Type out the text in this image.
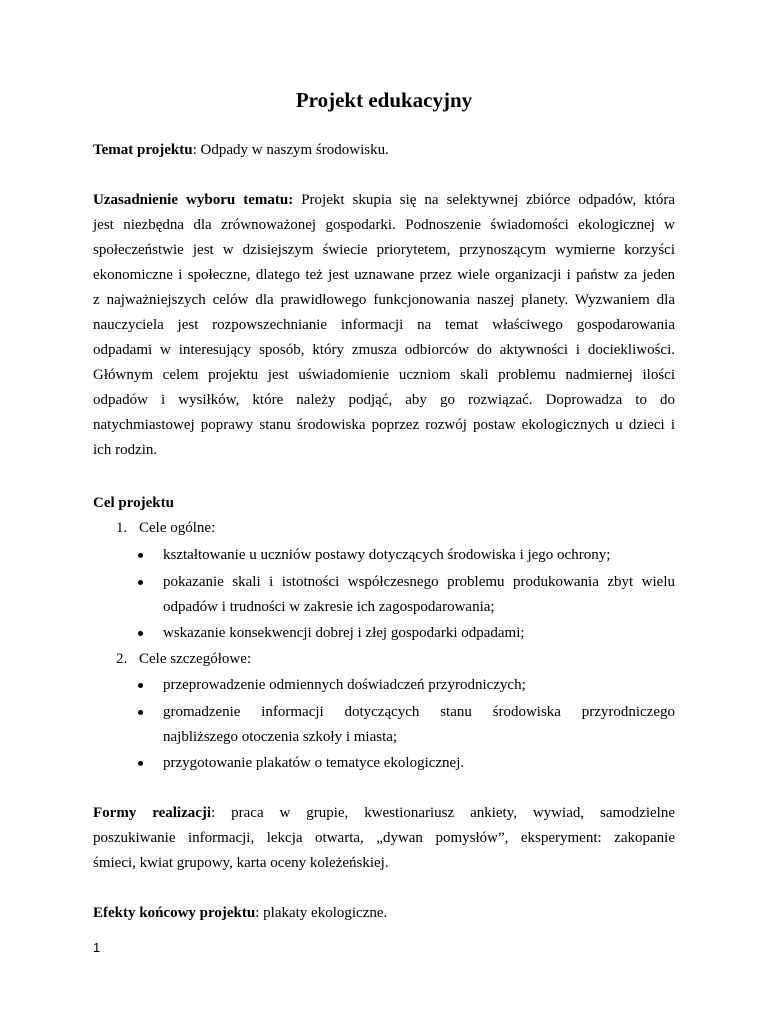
Projekt edukacyjny

Temat projektu: Odpady w naszym środowisku.

Uzasadnienie wyboru tematu: Projekt skupia się na selektywnej zbiórce odpadów, która
jest niezbędna dla zrównoważonej gospodarki. Podnoszenie świadomości ekologicznej w
społeczeństwie jest w dzisiejszym świecie priorytetem, przynoszącym wymierne korzyści
ekonomiczne i społeczne, dlatego też jest uznawane przez wiele organizacji i państw za jeden
z najważniejszych celów dla prawidłowego funkcjonowania naszej planety. Wyzwaniem dla
nauczyciela jest rozpowszechnianie informacji na temat właściwego gospodarowania
odpadami w interesujący sposób, który zmusza odbiorców do aktywności i dociekliwości.
Głównym celem projektu jest uświadomienie uczniom skali problemu nadmiernej ilości
odpadów i wysiłków, które należy podjąć, aby go rozwiązać. Doprowadza to do
natychmiastowej poprawy stanu środowiska poprzez rozwój postaw ekologicznych u dzieci i
ich rodzin.

Cel projektu

1. Cele ogólne:
kształtowanie u uczniów postawy dotyczących środowiska i jego ochrony;
pokazanie skali i istotności współczesnego problemu produkowania zbyt wielu
odpadów i trudności w zakresie ich zagospodarowania;
wskazanie konsekwencji dobrej i złej gospodarki odpadami;
2. Cele szczegółowe:
przeprowadzenie odmiennych doświadczeń przyrodniczych;
gromadzenie informacji dotyczących stanu środowiska przyrodniczego
najbliższego otoczenia szkoły i miasta;
przygotowanie plakatów o tematyce ekologicznej.
Formy realizacji: praca w grupie, kwestionariusz ankiety, wywiad, samodzielne
poszukiwanie informacji, lekcja otwarta, „dywan pomysłów”, eksperyment: zakopanie
śmieci, kwiat grupowy, karta oceny koleżeńskiej.

Efekty końcowy projektu: plakaty ekologiczne.

1
